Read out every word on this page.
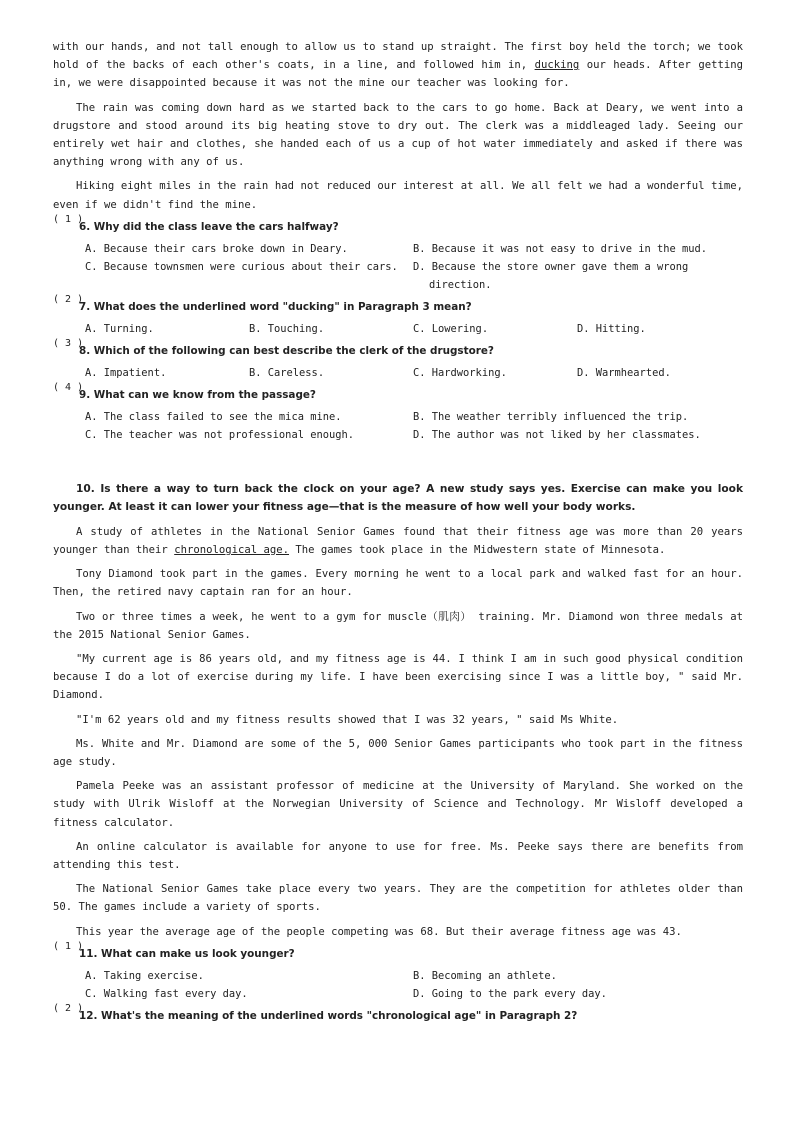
with our hands, and not tall enough to allow us to stand up straight. The first boy held the torch; we took hold of the backs of each other's coats, in a line, and followed him in, ducking our heads. After getting in, we were disappointed because it was not the mine our teacher was looking for.

The rain was coming down hard as we started back to the cars to go home. Back at Deary, we went into a drugstore and stood around its big heating stove to dry out. The clerk was a middleaged lady. Seeing our entirely wet hair and clothes, she handed each of us a cup of hot water immediately and asked if there was anything wrong with any of us.

Hiking eight miles in the rain had not reduced our interest at all. We all felt we had a wonderful time, even if we didn't find the mine.

( 1 )
6. Why did the class leave the cars halfway?
A. Because their cars broke down in Deary.	B. Because it was not easy to drive in the mud.
C. Because townsmen were curious about their cars.	D. Because the store owner gave them a wrong direction.
( 2 )
7. What does the underlined word "ducking" in Paragraph 3 mean?
A. Turning.	B. Touching.	C. Lowering.	D. Hitting.
( 3 )
8. Which of the following can best describe the clerk of the drugstore?
A. Impatient.	B. Careless.	C. Hardworking.	D. Warmhearted.
( 4 )
9. What can we know from the passage?
A. The class failed to see the mica mine.	B. The weather terribly influenced the trip.
C. The teacher was not professional enough.	D. The author was not liked by her classmates.

10. Is there a way to turn back the clock on your age? A new study says yes. Exercise can make you look younger. At least it can lower your fitness age—that is the measure of how well your body works.

A study of athletes in the National Senior Games found that their fitness age was more than 20 years younger than their chronological age. The games took place in the Midwestern state of Minnesota.

Tony Diamond took part in the games. Every morning he went to a local park and walked fast for an hour. Then, the retired navy captain ran for an hour.

Two or three times a week, he went to a gym for muscle（肌肉） training. Mr. Diamond won three medals at the 2015 National Senior Games.

"My current age is 86 years old, and my fitness age is 44. I think I am in such good physical condition because I do a lot of exercise during my life. I have been exercising since I was a little boy, " said Mr. Diamond.

"I'm 62 years old and my fitness results showed that I was 32 years, " said Ms White.

Ms. White and Mr. Diamond are some of the 5, 000 Senior Games participants who took part in the fitness age study.

Pamela Peeke was an assistant professor of medicine at the University of Maryland. She worked on the study with Ulrik Wisloff at the Norwegian University of Science and Technology. Mr Wisloff developed a fitness calculator.

An online calculator is available for anyone to use for free. Ms. Peeke says there are benefits from attending this test.

The National Senior Games take place every two years. They are the competition for athletes older than 50. The games include a variety of sports.

This year the average age of the people competing was 68. But their average fitness age was 43.

( 1 )
11. What can make us look younger?
A. Taking exercise.	B. Becoming an athlete.
C. Walking fast every day.	D. Going to the park every day.
( 2 )
12. What's the meaning of the underlined words "chronological age" in Paragraph 2?
